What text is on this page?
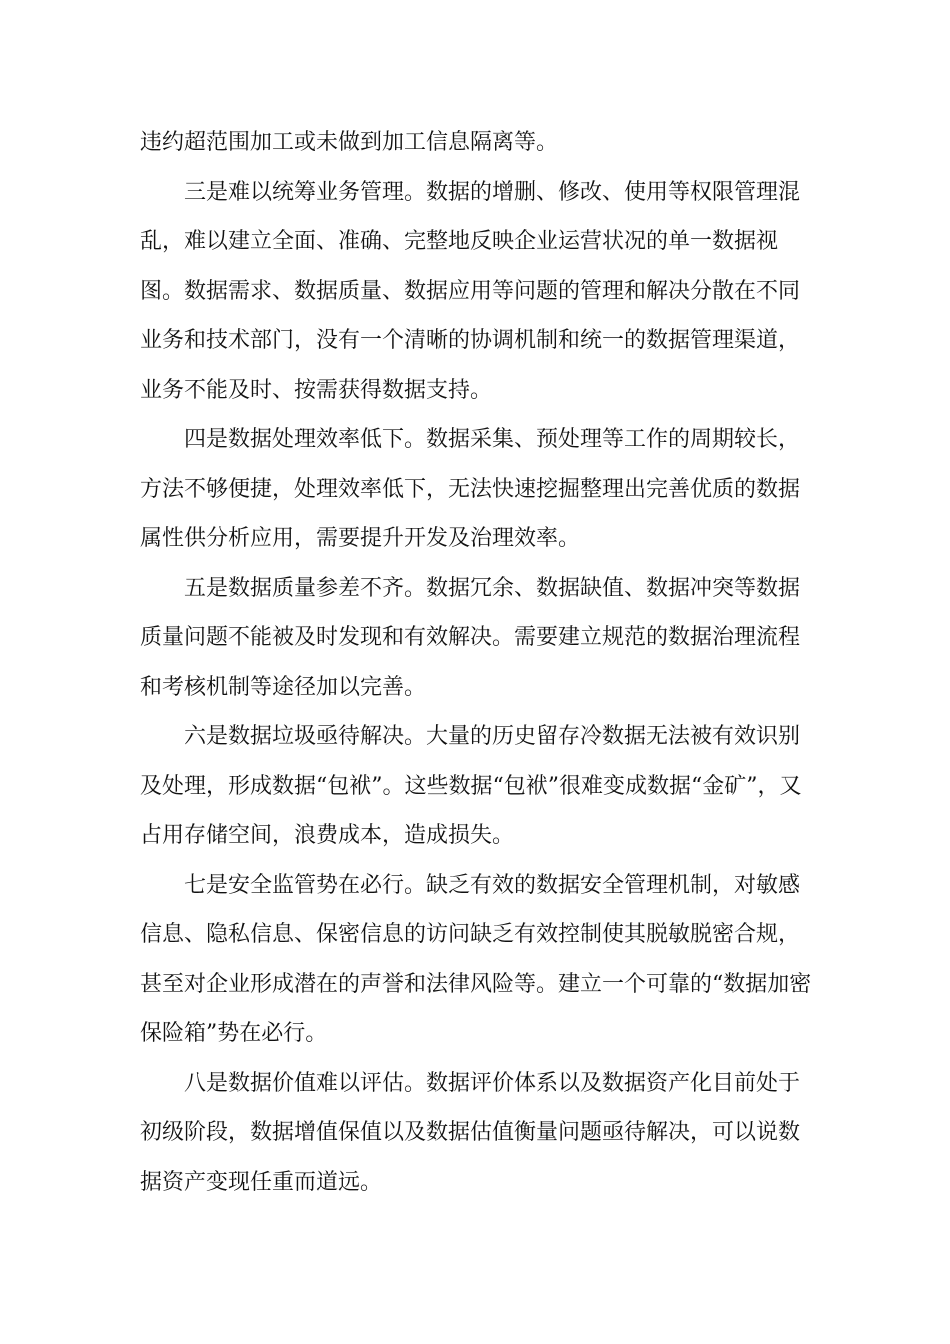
违约超范围加工或未做到加工信息隔离等。

三是难以统筹业务管理。数据的增删、修改、使用等权限管理混乱，难以建立全面、准确、完整地反映企业运营状况的单一数据视图。数据需求、数据质量、数据应用等问题的管理和解决分散在不同业务和技术部门，没有一个清晰的协调机制和统一的数据管理渠道，业务不能及时、按需获得数据支持。

四是数据处理效率低下。数据采集、预处理等工作的周期较长，方法不够便捷，处理效率低下，无法快速挖掘整理出完善优质的数据属性供分析应用，需要提升开发及治理效率。

五是数据质量参差不齐。数据冗余、数据缺值、数据冲突等数据质量问题不能被及时发现和有效解决。需要建立规范的数据治理流程和考核机制等途径加以完善。

六是数据垃圾亟待解决。大量的历史留存冷数据无法被有效识别及处理，形成数据“包袱”。这些数据“包袱”很难变成数据“金矿”，又占用存储空间，浪费成本，造成损失。

七是安全监管势在必行。缺乏有效的数据安全管理机制，对敏感信息、隐私信息、保密信息的访问缺乏有效控制使其脱敏脱密合规，甚至对企业形成潜在的声誉和法律风险等。建立一个可靠的“数据加密保险箱”势在必行。

八是数据价值难以评估。数据评价体系以及数据资产化目前处于初级阶段，数据增值保值以及数据估值衡量问题亟待解决，可以说数据资产变现任重而道远。
